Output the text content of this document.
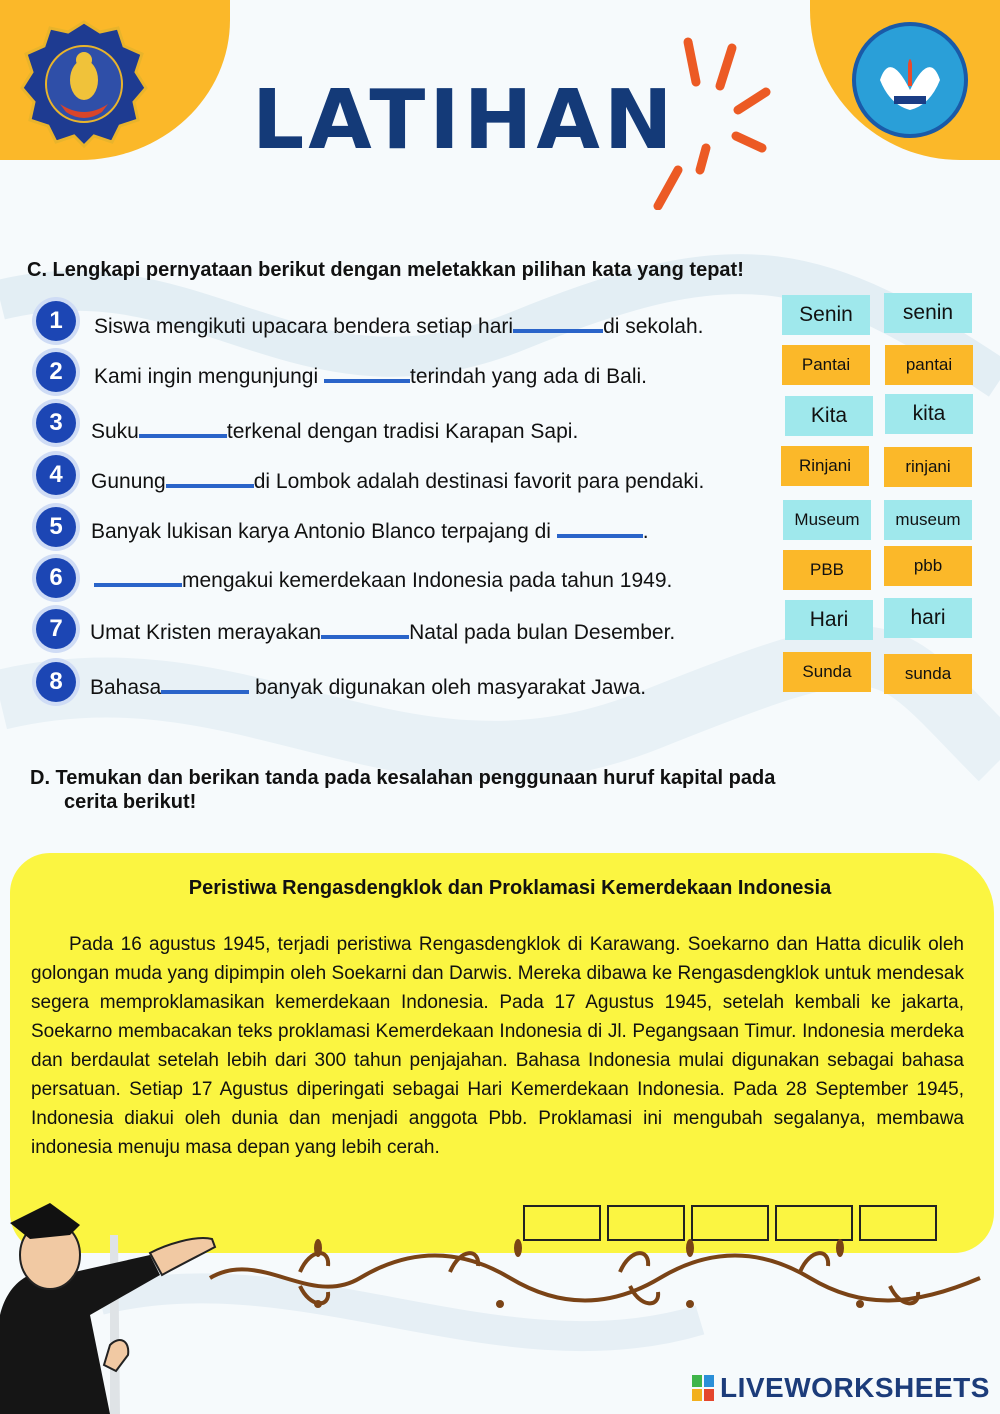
LATIHAN
C. Lengkapi pernyataan berikut dengan meletakkan pilihan kata yang tepat!
1	Siswa mengikuti upacara bendera setiap hari	di sekolah.
2	Kami ingin mengunjungi	terindah yang ada di Bali.
3	Suku	terkenal dengan tradisi Karapan Sapi.
4	Gunung	di Lombok adalah destinasi favorit para pendaki.
5	Banyak lukisan karya Antonio Blanco terpajang di	.
6	mengakui kemerdekaan Indonesia pada tahun 1949.
7	Umat Kristen merayakan	Natal pada bulan Desember.
8	Bahasa	banyak digunakan oleh masyarakat Jawa.
Senin	senin
Pantai	pantai
Kita	kita
Rinjani	rinjani
Museum	museum
PBB	pbb
Hari	hari
Sunda	sunda
D. Temukan dan berikan tanda pada kesalahan penggunaan huruf kapital pada
cerita berikut!
Peristiwa Rengasdengklok dan Proklamasi Kemerdekaan Indonesia

Pada 16 agustus 1945, terjadi peristiwa Rengasdengklok di Karawang. Soekarno dan Hatta diculik oleh golongan muda yang dipimpin oleh Soekarni dan Darwis. Mereka dibawa ke Rengasdengklok untuk mendesak segera memproklamasikan kemerdekaan Indonesia. Pada 17 Agustus 1945, setelah kembali ke jakarta, Soekarno membacakan teks proklamasi Kemerdekaan Indonesia di Jl. Pegangsaan Timur. Indonesia merdeka dan berdaulat setelah lebih dari 300 tahun penjajahan. Bahasa Indonesia mulai digunakan sebagai bahasa persatuan. Setiap 17 Agustus diperingati sebagai Hari Kemerdekaan Indonesia. Pada 28 September 1945, Indonesia diakui oleh dunia dan menjadi anggota Pbb. Proklamasi ini mengubah segalanya, membawa indonesia menuju masa depan yang lebih cerah.

LIVEWORKSHEETS
